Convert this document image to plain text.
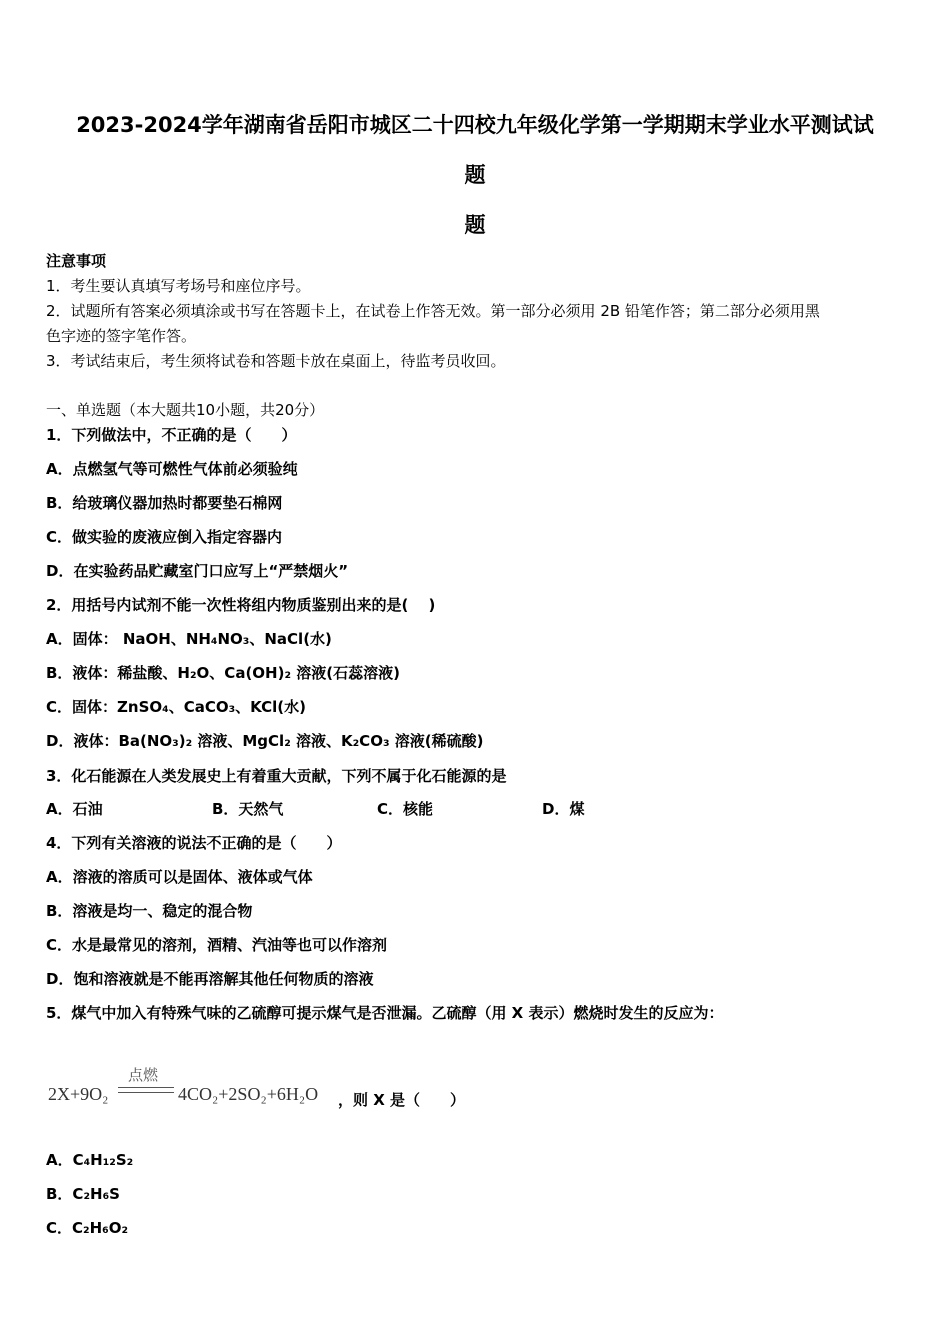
2023-2024学年湖南省岳阳市城区二十四校九年级化学第一学期期末学业水平测试试
题
题
注意事项
1．考生要认真填写考场号和座位序号。
2．试题所有答案必须填涂或书写在答题卡上，在试卷上作答无效。第一部分必须用 2B 铅笔作答；第二部分必须用黑
色字迹的签字笔作答。
3．考试结束后，考生须将试卷和答题卡放在桌面上，待监考员收回。
一、单选题（本大题共10小题，共20分）
1．下列做法中，不正确的是（　　）
A．点燃氢气等可燃性气体前必须验纯
B．给玻璃仪器加热时都要垫石棉网
C．做实验的废液应倒入指定容器内
D．在实验药品贮藏室门口应写上“严禁烟火”
2．用括号内试剂不能一次性将组内物质鉴别出来的是(　 )
A．固体： NaOH、NH₄NO₃、NaCl(水)
B．液体：稀盐酸、H₂O、Ca(OH)₂ 溶液(石蕊溶液)
C．固体：ZnSO₄、CaCO₃、KCl(水)
D．液体：Ba(NO₃)₂ 溶液、MgCl₂ 溶液、K₂CO₃ 溶液(稀硫酸)
3．化石能源在人类发展史上有着重大贡献，下列不属于化石能源的是
A．石油	B．天然气	C．核能	D．煤
4．下列有关溶液的说法不正确的是（　　）
A．溶液的溶质可以是固体、液体或气体
B．溶液是均一、稳定的混合物
C．水是最常见的溶剂，酒精、汽油等也可以作溶剂
D．饱和溶液就是不能再溶解其他任何物质的溶液
5．煤气中加入有特殊气味的乙硫醇可提示煤气是否泄漏。乙硫醇（用 X 表示）燃烧时发生的反应为：
2X+9O₂
点燃
4CO₂+2SO₂+6H₂O ，则 X 是（　　）
A．C₄H₁₂S₂
B．C₂H₆S
C．C₂H₆O₂
